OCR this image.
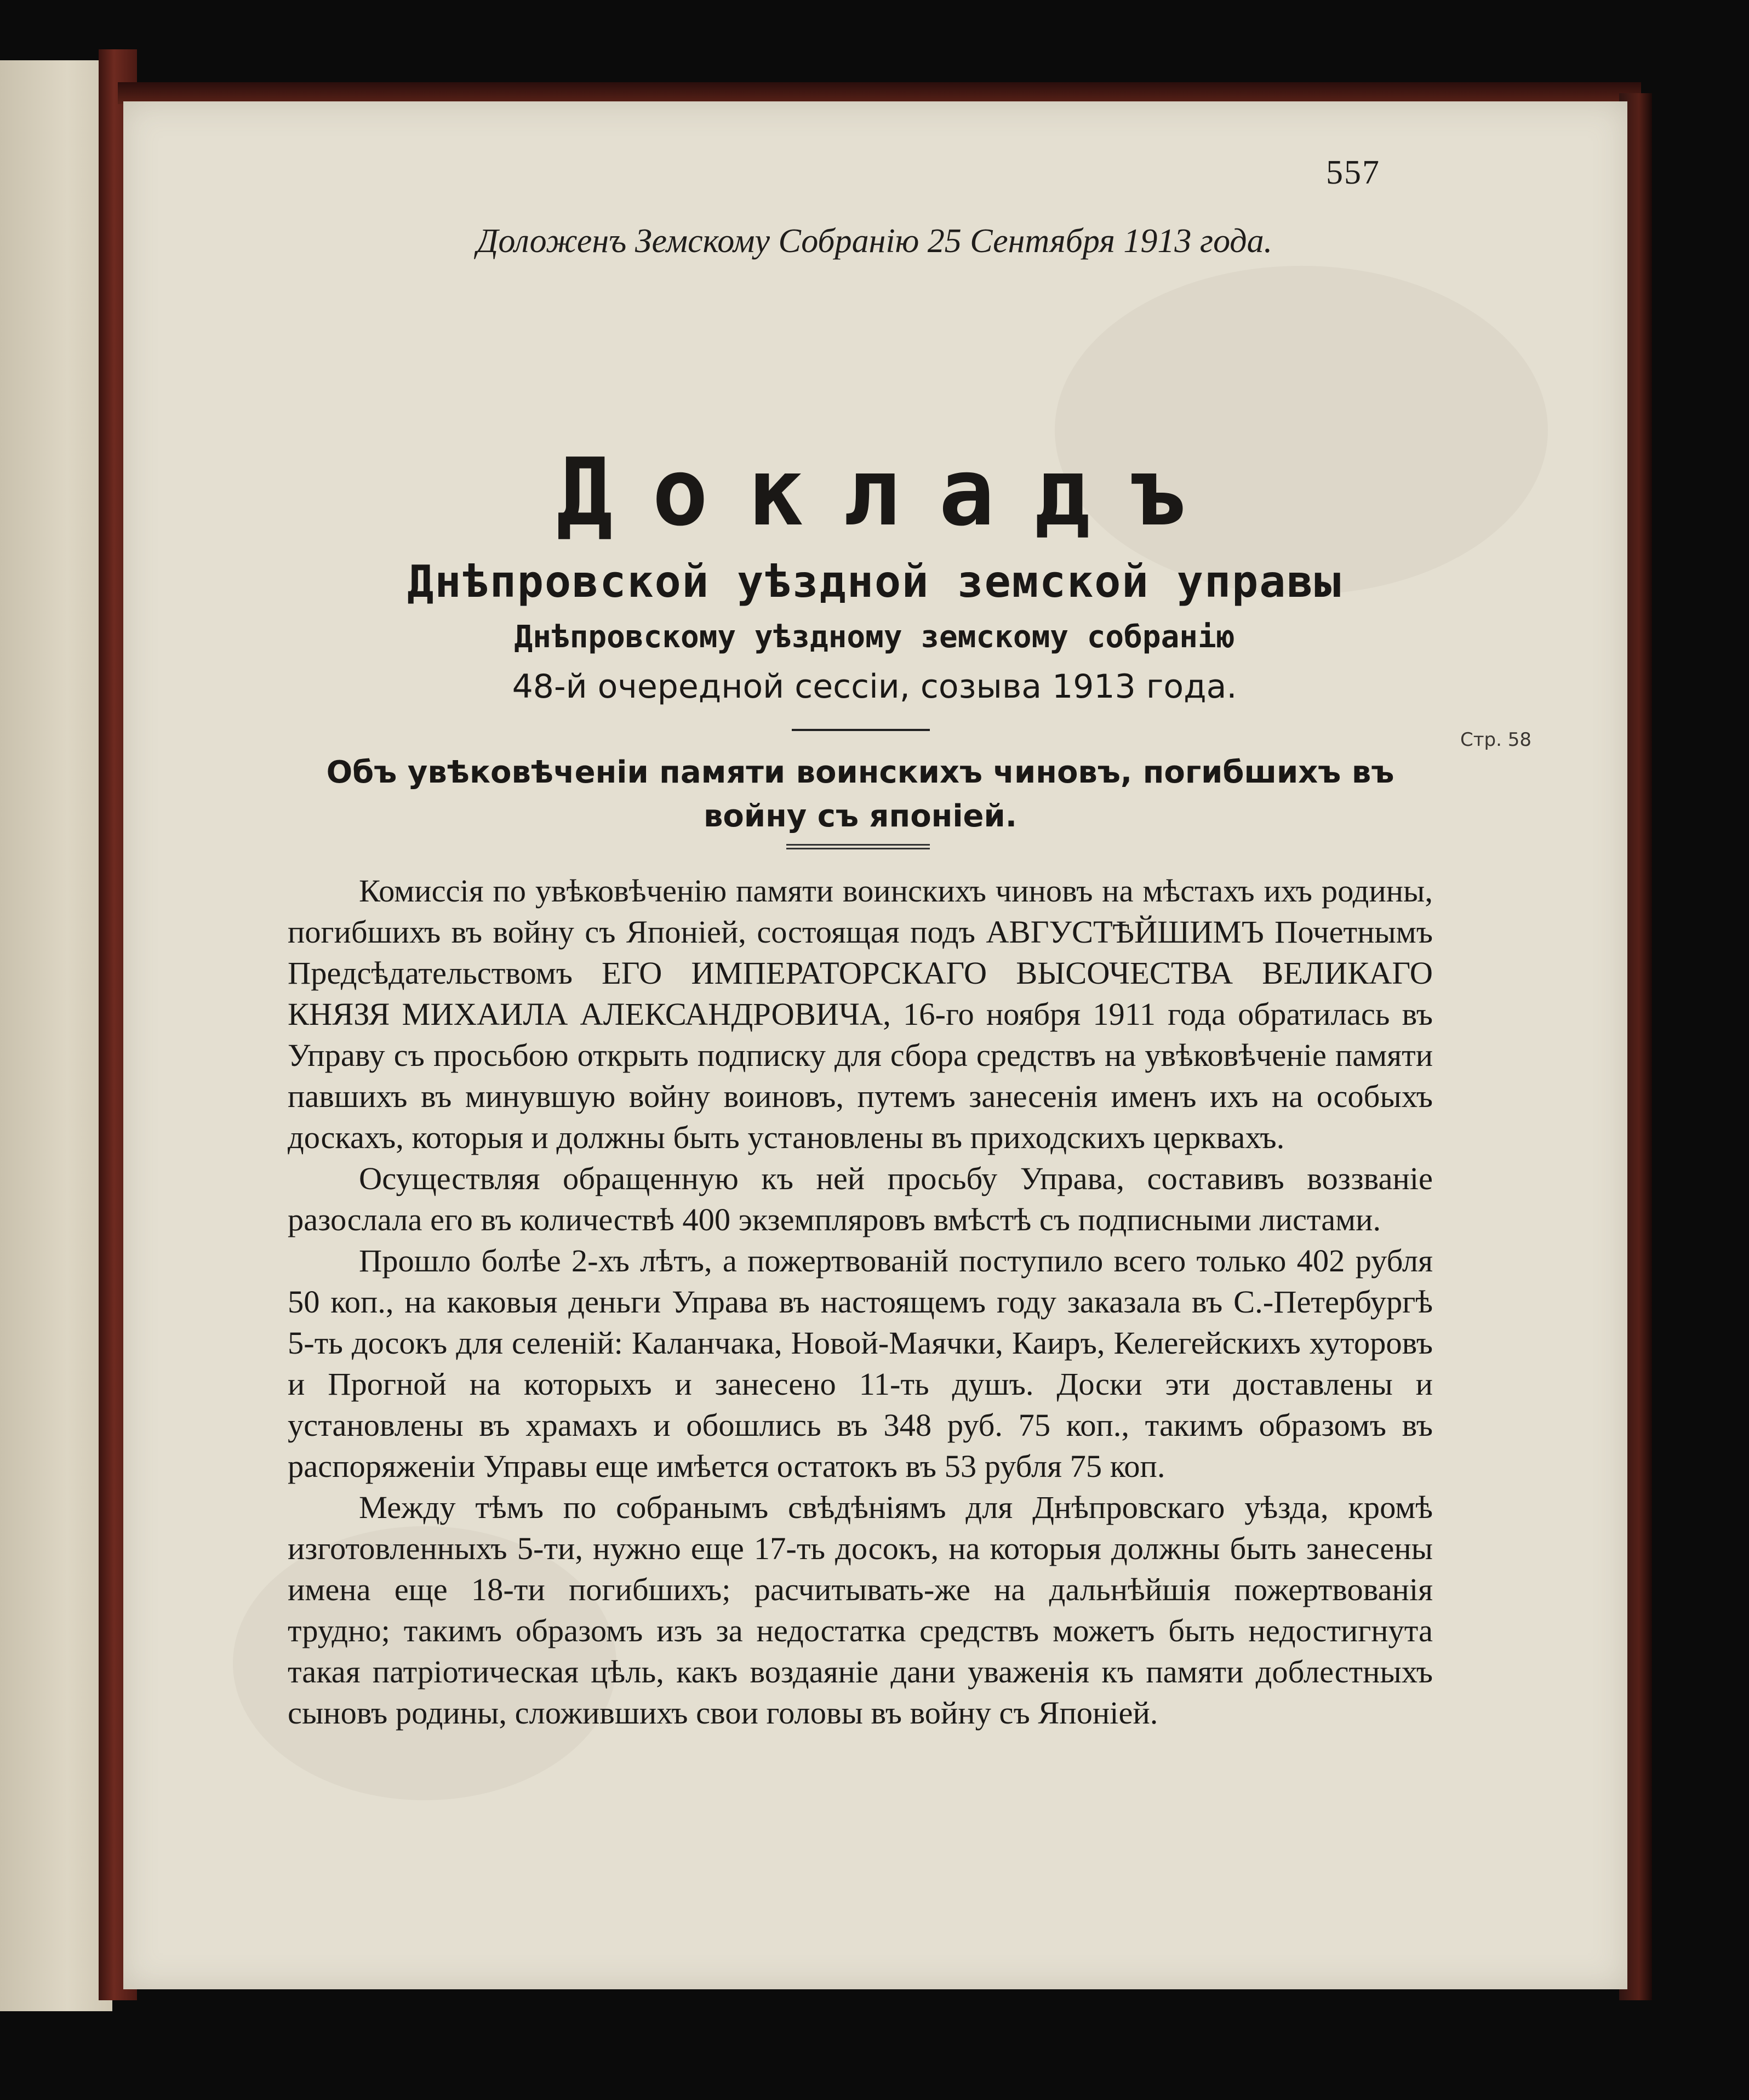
557
Доложенъ Земскому Собранію 25 Сентября 1913 года.
Докладъ
Днѣпровской уѣздной земской управы
Днѣпровскому уѣздному земскому собранію
48-й очередной сессіи, созыва 1913 года.
Стр. 58
Объ увѣковѣченіи памяти воинскихъ чиновъ, погибшихъ въ войну съ японіей.

Комиссія по увѣковѣченію памяти воинскихъ чиновъ на мѣстахъ ихъ родины, погибшихъ въ войну съ Японіей, состоящая подъ АВГУСТѢЙШИМЪ Почетнымъ Предсѣдательствомъ ЕГО ИМПЕРАТОРСКАГО ВЫСОЧЕСТВА ВЕЛИКАГО КНЯЗЯ МИХАИЛА АЛЕКСАНДРОВИЧА, 16-го ноября 1911 года обратилась въ Управу съ просьбою открыть подписку для сбора средствъ на увѣковѣченіе памяти павшихъ въ минувшую войну воиновъ, путемъ занесенія именъ ихъ на особыхъ доскахъ, которыя и должны быть установлены въ приходскихъ церквахъ.

Осуществляя обращенную къ ней просьбу Управа, составивъ воззваніе разослала его въ количествѣ 400 экземпляровъ вмѣстѣ съ подписными листами.

Прошло болѣе 2-хъ лѣтъ, а пожертвованій поступило всего только 402 рубля 50 коп., на каковыя деньги Управа въ настоящемъ году заказала въ С.-Петербургѣ 5-ть досокъ для селеній: Каланчака, Новой-Маячки, Каиръ, Келегейскихъ хуторовъ и Прогной на которыхъ и занесено 11-ть душъ. Доски эти доставлены и установлены въ храмахъ и обошлись въ 348 руб. 75 коп., такимъ образомъ въ распоряженіи Управы еще имѣется остатокъ въ 53 рубля 75 коп.

Между тѣмъ по собранымъ свѣдѣніямъ для Днѣпровскаго уѣзда, кромѣ изготовленныхъ 5-ти, нужно еще 17-ть досокъ, на которыя должны быть занесены имена еще 18-ти погибшихъ; расчитывать-же на дальнѣйшія пожертвованія трудно; такимъ образомъ изъ за недостатка средствъ можетъ быть недостигнута такая патріотическая цѣль, какъ воздаяніе дани уваженія къ памяти доблестныхъ сыновъ родины, сложившихъ свои головы въ войну съ Японіей.
